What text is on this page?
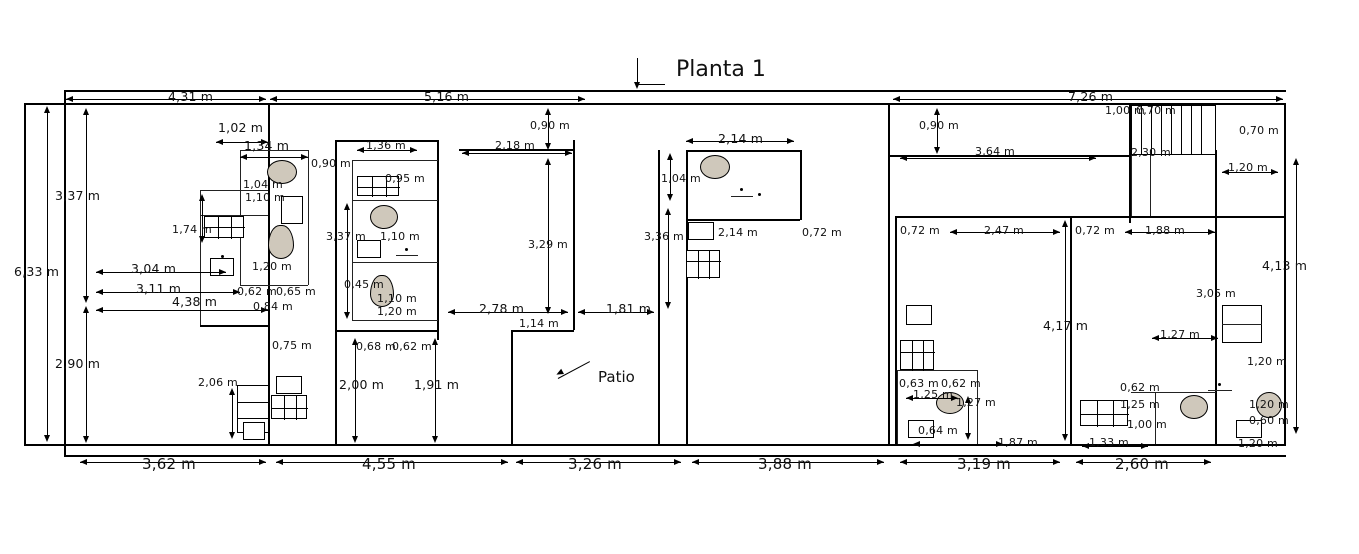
Planta 1
4,31 m	5,16 m	7,26 m
3,62 m	4,55 m	3,26 m	3,88 m	3,19 m	2,60 m
6,33 m
3,37 m
2,90 m
4,13 m
4,17 m
1,02 m
1,34 m
1,04 m
0,90 m
1,74 m
1,10 m
1,20 m
3,04 m
3,11 m
4,38 m
0,62 m 0,65 m
0,84 m
0,75 m
2,06 m	2,00 m 1,91 m
1,36 m
0,95 m
3,37 m 1,10 m
0,45 m
1,10 m
1,20 m
0,68 m
0,62 m
2,18 m
0,90 m
3,29 m
2,78 m
1,14 m
1,81 m
2,14 m
1,04 m
3,36 m	2,14 m	0,72 m
0,90 m
3,64 m
0,72 m	2,47 m	0,72 m	1,88 m
0,63 m 0,62 m
1,25 m
1,27 m
0,64 m
1,87 m	1,33 m
1,27 m
0,62 m
1,25 m
1,00 m
3,05 m
1,20 m
0,70 m
1,00 m
0,70 m
2,30 m
1,20 m
1,20 m
0,60 m
1,20 m
Patio
